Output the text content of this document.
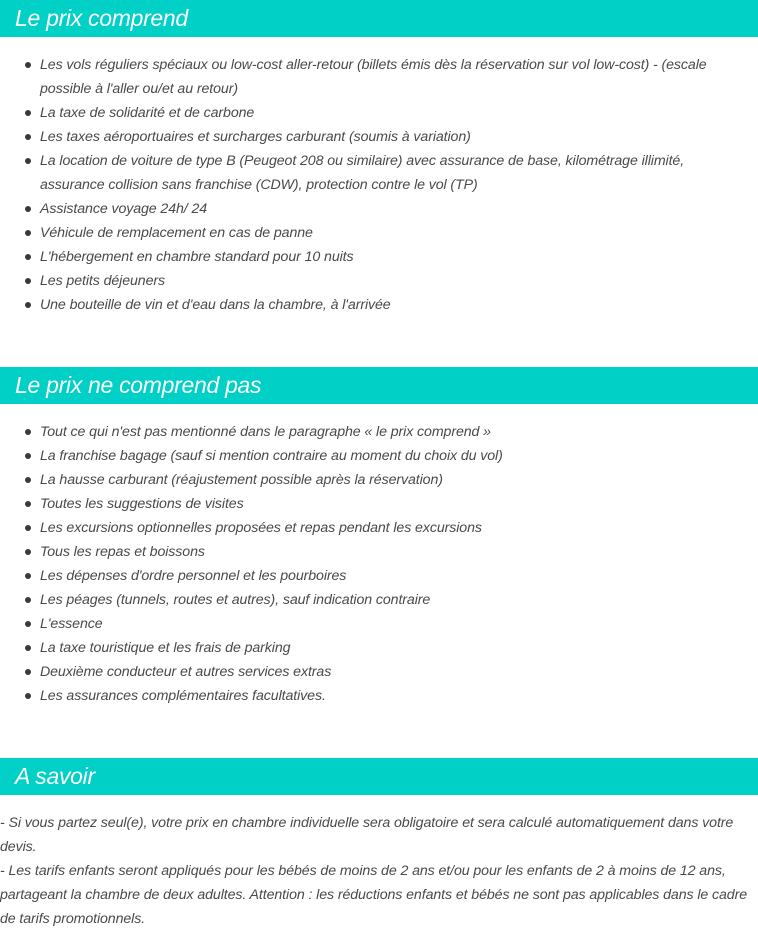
Le prix comprend
Les vols réguliers spéciaux ou low-cost aller-retour (billets émis dès la réservation sur vol low-cost) - (escale possible à l'aller ou/et au retour)
La taxe de solidarité et de carbone
Les taxes aéroportuaires et surcharges carburant (soumis à variation)
La location de voiture de type B (Peugeot 208 ou similaire) avec assurance de base, kilométrage illimité, assurance collision sans franchise (CDW), protection contre le vol (TP)
Assistance voyage 24h/ 24
Véhicule de remplacement en cas de panne
L'hébergement en chambre standard pour 10 nuits
Les petits déjeuners
Une bouteille de vin et d'eau dans la chambre, à l'arrivée
Le prix ne comprend pas
Tout ce qui n'est pas mentionné dans le paragraphe « le prix comprend »
La franchise bagage (sauf si mention contraire au moment du choix du vol)
La hausse carburant (réajustement possible après la réservation)
Toutes les suggestions de visites
Les excursions optionnelles proposées et repas pendant les excursions
Tous les repas et boissons
Les dépenses d'ordre personnel et les pourboires
Les péages (tunnels, routes et autres), sauf indication contraire
L'essence
La taxe touristique et les frais de parking
Deuxième conducteur et autres services extras
Les assurances complémentaires facultatives.
A savoir

- Si vous partez seul(e), votre prix en chambre individuelle sera obligatoire et sera calculé automatiquement dans votre devis.

- Les tarifs enfants seront appliqués pour les bébés de moins de 2 ans et/ou pour les enfants de 2 à moins de 12 ans, partageant la chambre de deux adultes. Attention : les réductions enfants et bébés ne sont pas applicables dans le cadre de tarifs promotionnels.
